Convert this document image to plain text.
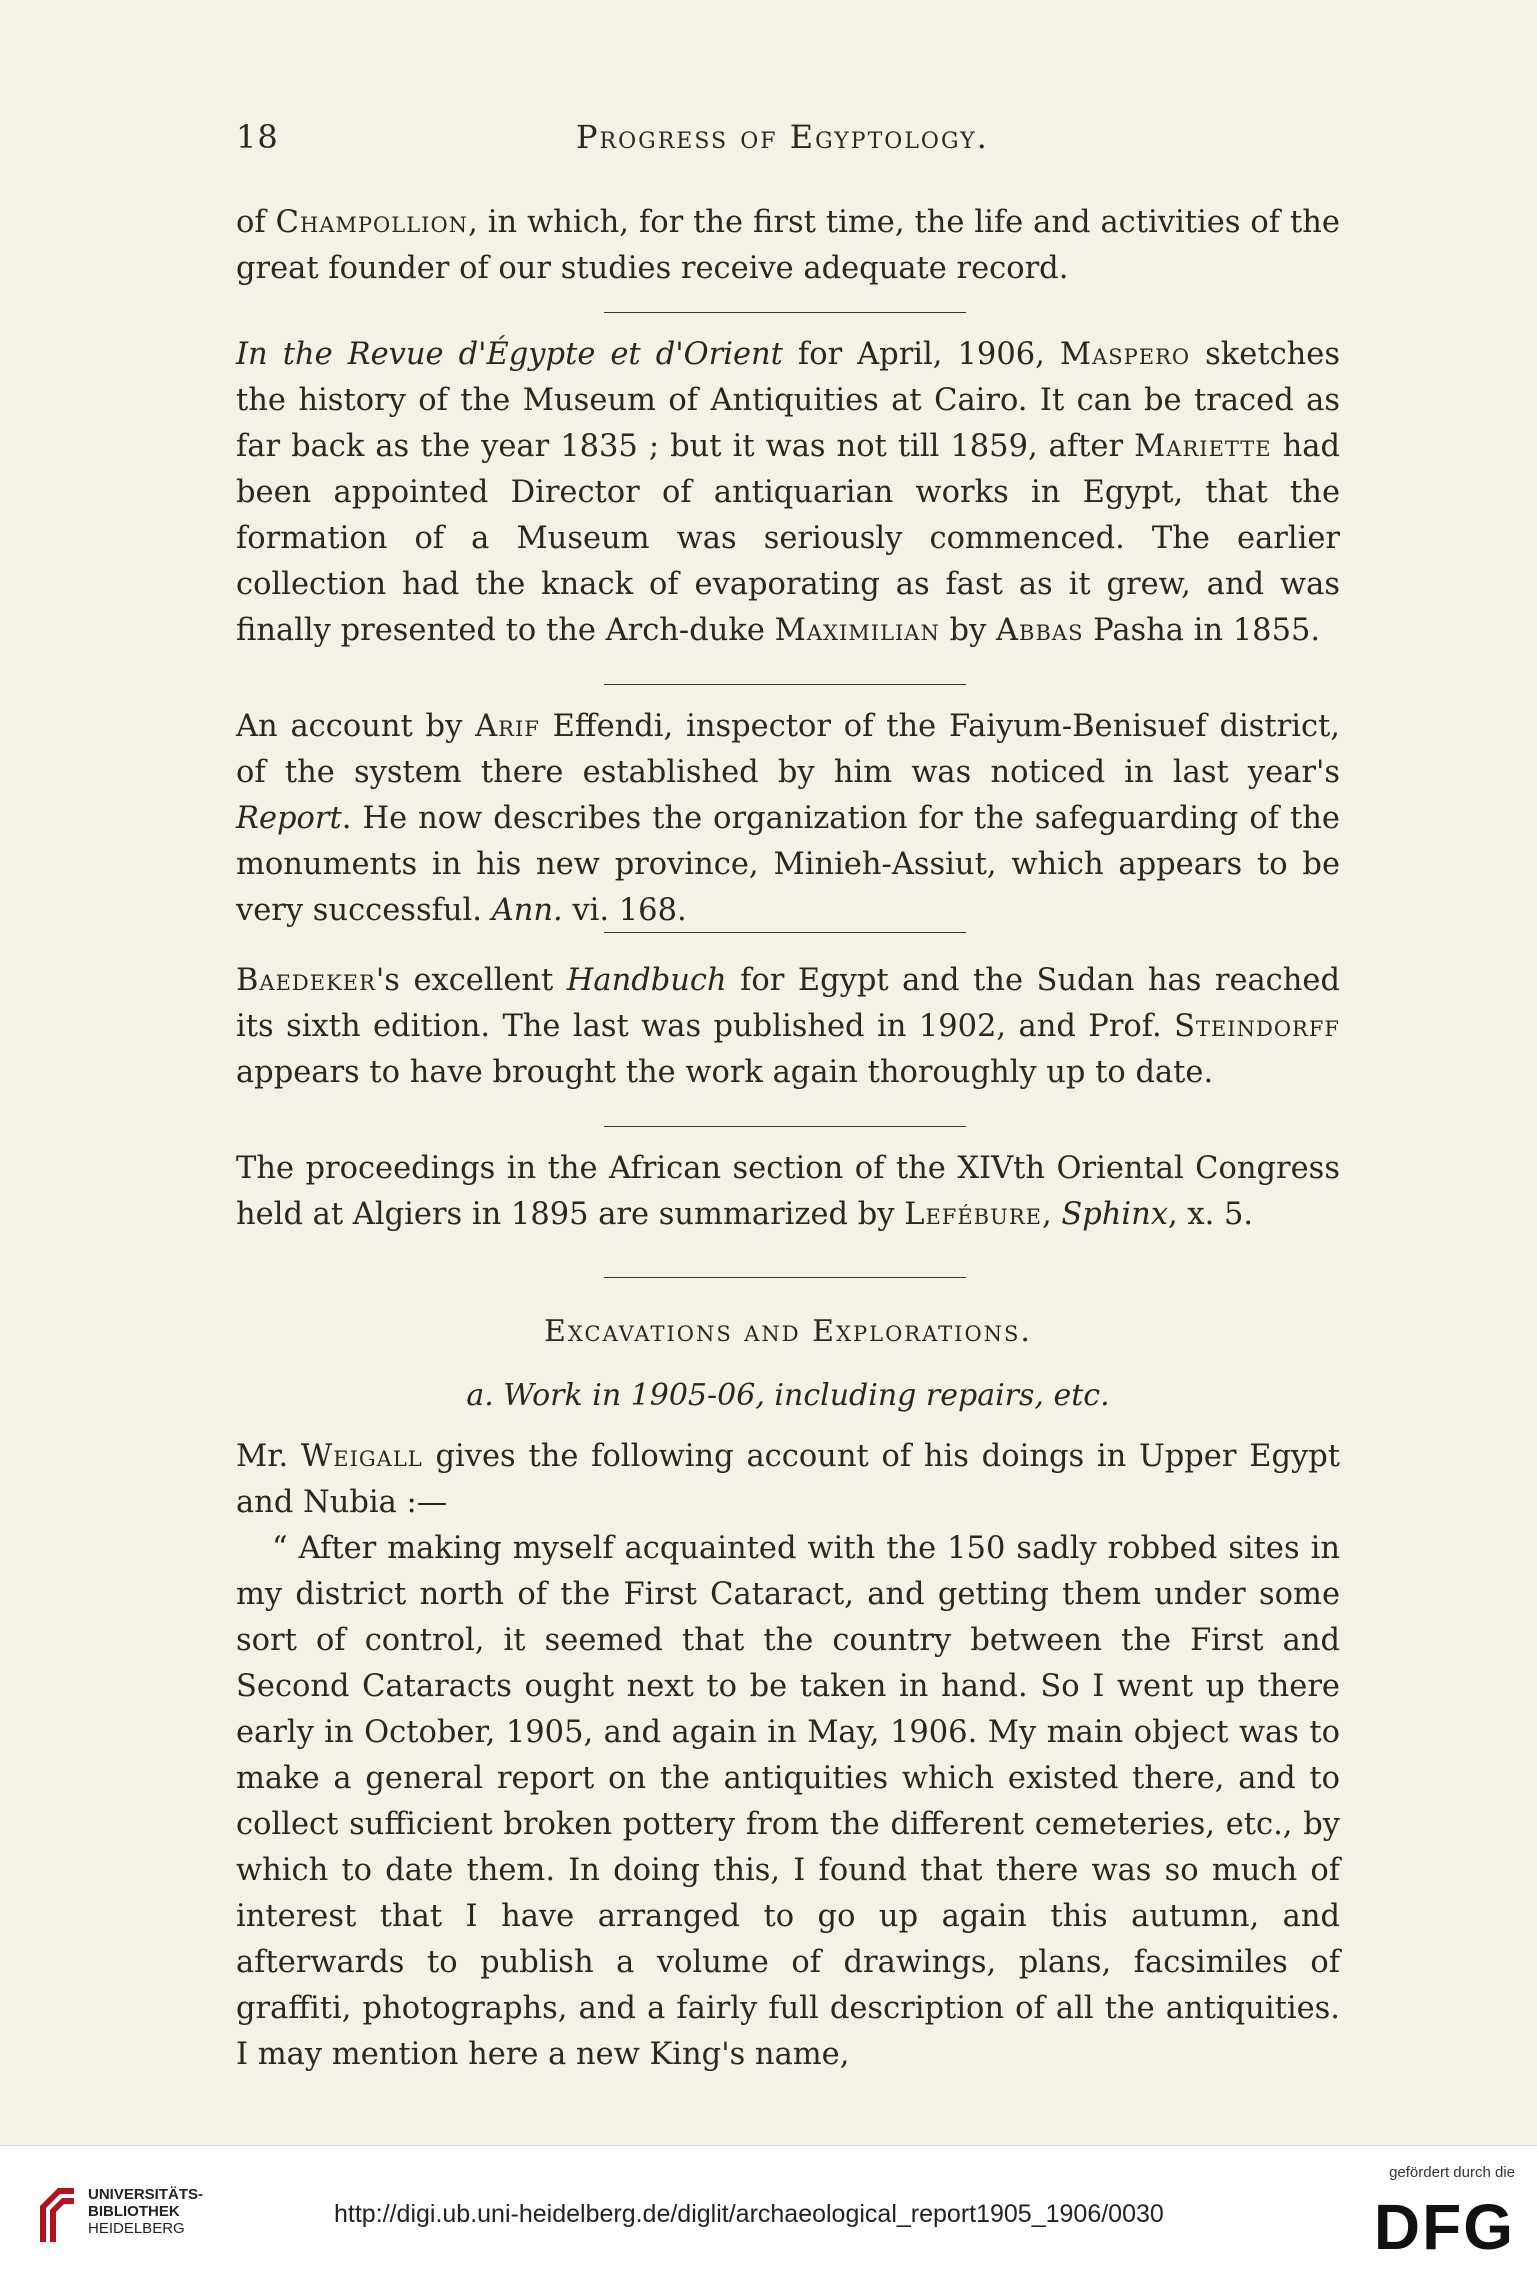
18	Progress of Egyptology.

of Champollion, in which, for the first time, the life and activities of the great founder of our studies receive adequate record.

In the Revue d'Égypte et d'Orient for April, 1906, Maspero sketches the history of the Museum of Antiquities at Cairo. It can be traced as far back as the year 1835 ; but it was not till 1859, after Mariette had been appointed Director of antiquarian works in Egypt, that the formation of a Museum was seriously commenced. The earlier collection had the knack of evaporating as fast as it grew, and was finally presented to the Arch-duke Maximilian by Abbas Pasha in 1855.

An account by Arif Effendi, inspector of the Faiyum-Benisuef district, of the system there established by him was noticed in last year's Report. He now describes the organization for the safeguarding of the monuments in his new province, Minieh-Assiut, which appears to be very successful. Ann. vi. 168.

Baedeker's excellent Handbuch for Egypt and the Sudan has reached its sixth edition. The last was published in 1902, and Prof. Steindorff appears to have brought the work again thoroughly up to date.

The proceedings in the African section of the XIVth Oriental Congress held at Algiers in 1895 are summarized by Lefébure, Sphinx, x. 5.

Excavations and Explorations.
a. Work in 1905-06, including repairs, etc.

Mr. Weigall gives the following account of his doings in Upper Egypt and Nubia :—

“ After making myself acquainted with the 150 sadly robbed sites in my district north of the First Cataract, and getting them under some sort of control, it seemed that the country between the First and Second Cataracts ought next to be taken in hand. So I went up there early in October, 1905, and again in May, 1906. My main object was to make a general report on the antiquities which existed there, and to collect sufficient broken pottery from the different cemeteries, etc., by which to date them. In doing this, I found that there was so much of interest that I have arranged to go up again this autumn, and afterwards to publish a volume of drawings, plans, facsimiles of graffiti, photographs, and a fairly full description of all the antiquities. I may mention here a new King's name,

UNIVERSITÄTS-
BIBLIOTHEK
HEIDELBERG
http://digi.ub.uni-heidelberg.de/diglit/archaeological_report1905_1906/0030
gefördert durch die
DFG
